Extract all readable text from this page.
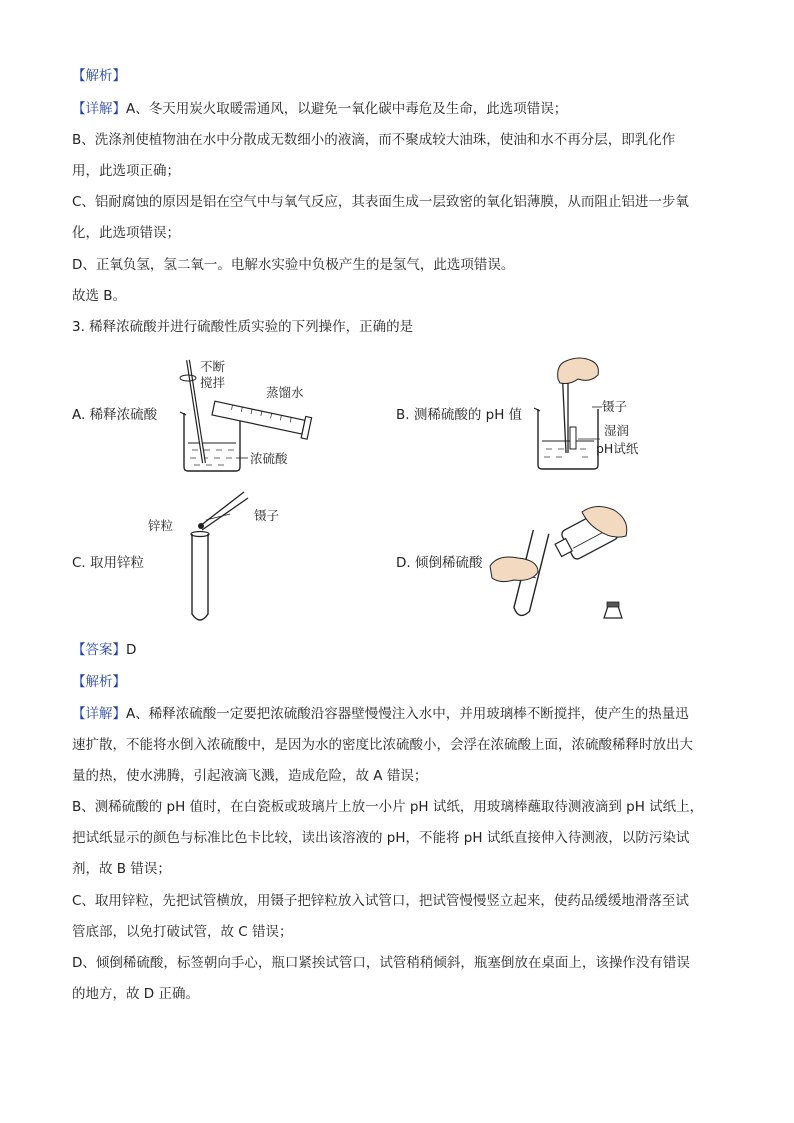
【解析】
【详解】A、冬天用炭火取暖需通风，以避免一氧化碳中毒危及生命，此选项错误；
B、洗涤剂使植物油在水中分散成无数细小的液滴，而不聚成较大油珠，使油和水不再分层，即乳化作
用，此选项正确；
C、铝耐腐蚀的原因是铝在空气中与氧气反应，其表面生成一层致密的氧化铝薄膜，从而阻止铝进一步氧
化，此选项错误；
D、正氧负氢，氢二氧一。电解水实验中负极产生的是氢气，此选项错误。
故选 B。
3. 稀释浓硫酸并进行硫酸性质实验的下列操作，正确的是
A. 稀释浓硫酸
不断
搅拌
蒸馏水
浓硫酸
B. 测稀硫酸的 pH 值
镊子
湿润
pH试纸
C. 取用锌粒
锌粒
镊子
D. 倾倒稀硫酸
【答案】D
【解析】
【详解】A、稀释浓硫酸一定要把浓硫酸沿容器壁慢慢注入水中，并用玻璃棒不断搅拌，使产生的热量迅
速扩散，不能将水倒入浓硫酸中，是因为水的密度比浓硫酸小，会浮在浓硫酸上面，浓硫酸稀释时放出大
量的热，使水沸腾，引起液滴飞溅，造成危险，故 A 错误；
B、测稀硫酸的 pH 值时，在白瓷板或玻璃片上放一小片 pH 试纸，用玻璃棒蘸取待测液滴到 pH 试纸上，
把试纸显示的颜色与标准比色卡比较，读出该溶液的 pH，不能将 pH 试纸直接伸入待测液，以防污染试
剂，故 B 错误；
C、取用锌粒，先把试管横放，用镊子把锌粒放入试管口，把试管慢慢竖立起来，使药品缓缓地滑落至试
管底部，以免打破试管，故 C 错误；
D、倾倒稀硫酸，标签朝向手心，瓶口紧挨试管口，试管稍稍倾斜，瓶塞倒放在桌面上，该操作没有错误
的地方，故 D 正确。
